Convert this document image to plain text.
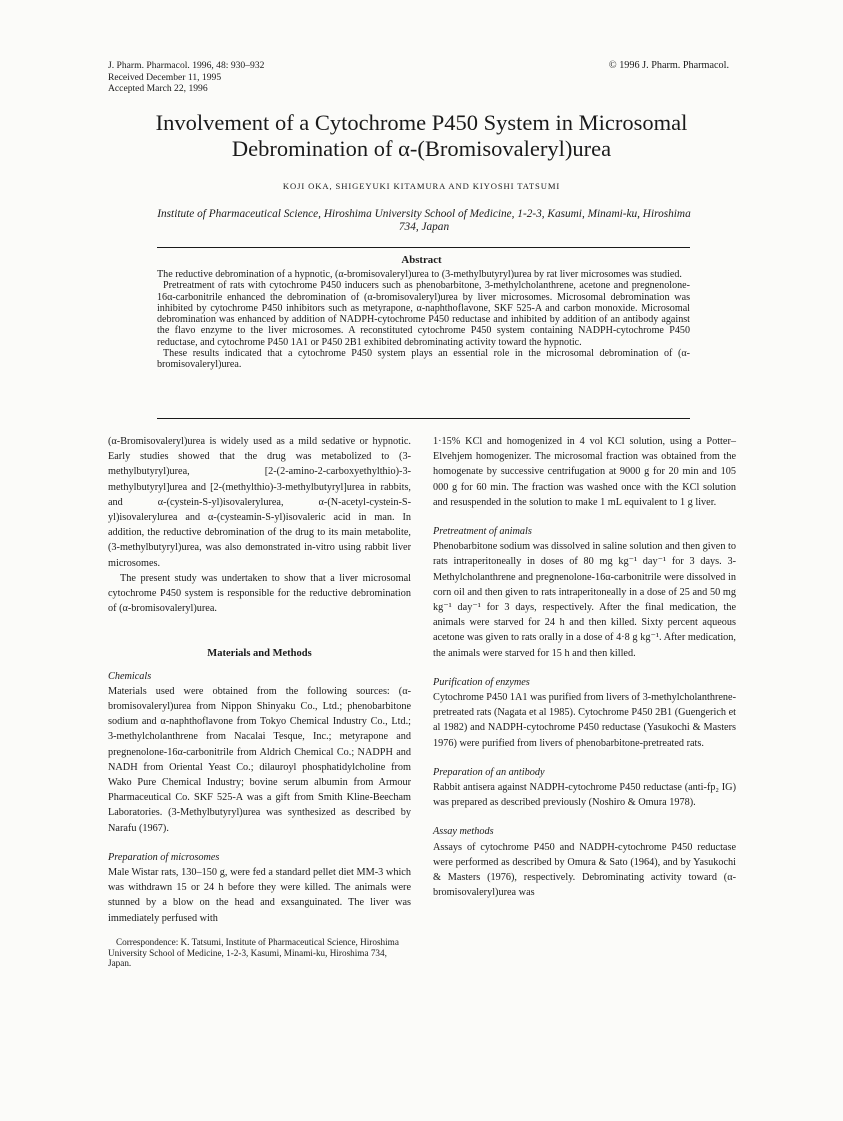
J. Pharm. Pharmacol. 1996, 48: 930–932
Received December 11, 1995
Accepted March 22, 1996
© 1996 J. Pharm. Pharmacol.
Involvement of a Cytochrome P450 System in Microsomal
Debromination of α-(Bromisovaleryl)urea
KOJI OKA, SHIGEYUKI KITAMURA AND KIYOSHI TATSUMI
Institute of Pharmaceutical Science, Hiroshima University School of Medicine, 1-2-3, Kasumi, Minami-ku, Hiroshima
734, Japan
Abstract

The reductive debromination of a hypnotic, (α-bromisovaleryl)urea to (3-methylbutyryl)urea by rat liver microsomes was studied.

Pretreatment of rats with cytochrome P450 inducers such as phenobarbitone, 3-methylcholanthrene, acetone and pregnenolone-16α-carbonitrile enhanced the debromination of (α-bromisovaleryl)urea by liver microsomes. Microsomal debromination was inhibited by cytochrome P450 inhibitors such as metyrapone, α-naphthoflavone, SKF 525-A and carbon monoxide. Microsomal debromination was enhanced by addition of NADPH-cytochrome P450 reductase and inhibited by addition of an antibody against the flavo enzyme to the liver microsomes. A reconstituted cytochrome P450 system containing NADPH-cytochrome P450 reductase, and cytochrome P450 1A1 or P450 2B1 exhibited debrominating activity toward the hypnotic.

These results indicated that a cytochrome P450 system plays an essential role in the microsomal debromination of (α-bromisovaleryl)urea.

(α-Bromisovaleryl)urea is widely used as a mild sedative or hypnotic. Early studies showed that the drug was metabolized to (3-methylbutyryl)urea, [2-(2-amino-2-carboxyethylthio)-3-methylbutyryl]urea and [2-(methylthio)-3-methylbutyryl]urea in rabbits, and α-(cystein-S-yl)isovalerylurea, α-(N-acetyl-cystein-S-yl)isovalerylurea and α-(cysteamin-S-yl)isovaleric acid in man. In addition, the reductive debromination of the drug to its main metabolite, (3-methylbutyryl)urea, was also demonstrated in-vitro using rabbit liver microsomes.

The present study was undertaken to show that a liver microsomal cytochrome P450 system is responsible for the reductive debromination of (α-bromisovaleryl)urea.

Materials and Methods
Chemicals

Materials used were obtained from the following sources: (α-bromisovaleryl)urea from Nippon Shinyaku Co., Ltd.; phenobarbitone sodium and α-naphthoflavone from Tokyo Chemical Industry Co., Ltd.; 3-methylcholanthrene from Nacalai Tesque, Inc.; metyrapone and pregnenolone-16α-carbonitrile from Aldrich Chemical Co.; NADPH and NADH from Oriental Yeast Co.; dilauroyl phosphatidylcholine from Wako Pure Chemical Industry; bovine serum albumin from Armour Pharmaceutical Co. SKF 525-A was a gift from Smith Kline-Beecham Laboratories. (3-Methylbutyryl)urea was synthesized as described by Narafu (1967).

Preparation of microsomes

Male Wistar rats, 130–150 g, were fed a standard pellet diet MM-3 which was withdrawn 15 or 24 h before they were killed. The animals were stunned by a blow on the head and exsanguinated. The liver was immediately perfused with

Correspondence: K. Tatsumi, Institute of Pharmaceutical Science, Hiroshima University School of Medicine, 1-2-3, Kasumi, Minami-ku, Hiroshima 734, Japan.

1·15% KCl and homogenized in 4 vol KCl solution, using a Potter–Elvehjem homogenizer. The microsomal fraction was obtained from the homogenate by successive centrifugation at 9000 g for 20 min and 105 000 g for 60 min. The fraction was washed once with the KCl solution and resuspended in the solution to make 1 mL equivalent to 1 g liver.

Pretreatment of animals

Phenobarbitone sodium was dissolved in saline solution and then given to rats intraperitoneally in doses of 80 mg kg⁻¹ day⁻¹ for 3 days. 3-Methylcholanthrene and pregnenolone-16α-carbonitrile were dissolved in corn oil and then given to rats intraperitoneally in a dose of 25 and 50 mg kg⁻¹ day⁻¹ for 3 days, respectively. After the final medication, the animals were starved for 24 h and then killed. Sixty percent aqueous acetone was given to rats orally in a dose of 4·8 g kg⁻¹. After medication, the animals were starved for 15 h and then killed.

Purification of enzymes

Cytochrome P450 1A1 was purified from livers of 3-methylcholanthrene-pretreated rats (Nagata et al 1985). Cytochrome P450 2B1 (Guengerich et al 1982) and NADPH-cytochrome P450 reductase (Yasukochi & Masters 1976) were purified from livers of phenobarbitone-pretreated rats.

Preparation of an antibody

Rabbit antisera against NADPH-cytochrome P450 reductase (anti-fp₂ IG) was prepared as described previously (Noshiro & Omura 1978).

Assay methods

Assays of cytochrome P450 and NADPH-cytochrome P450 reductase were performed as described by Omura & Sato (1964), and by Yasukochi & Masters (1976), respectively. Debrominating activity toward (α-bromisovaleryl)urea was
